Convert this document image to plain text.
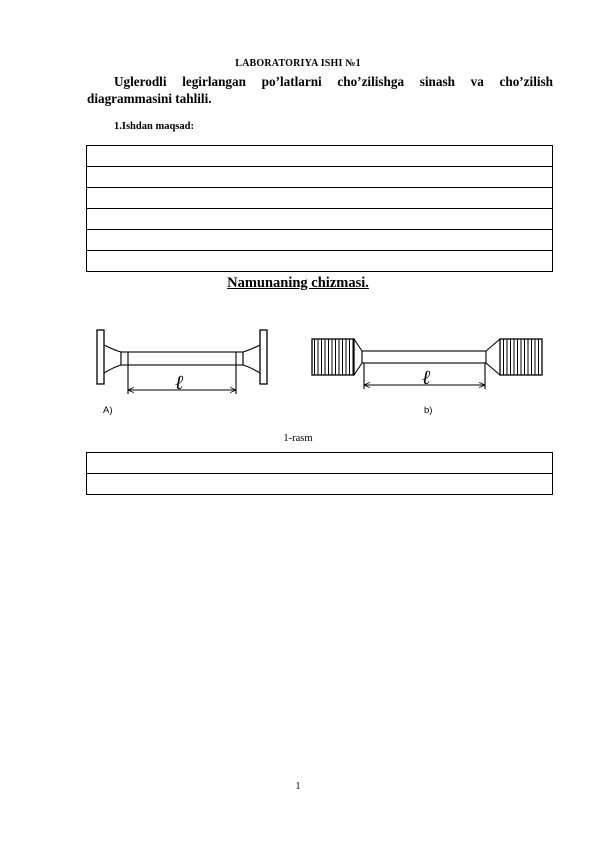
LABORATORIYA ISHI №1
Uglerodli legirlangan po’latlarni cho’zilishga sinash va cho’zilish diagrammasini tahlili.
1.Ishdan maqsad:

Namunaning chizmasi.
ℓ	ℓ
A)	b)
1-rasm

1
